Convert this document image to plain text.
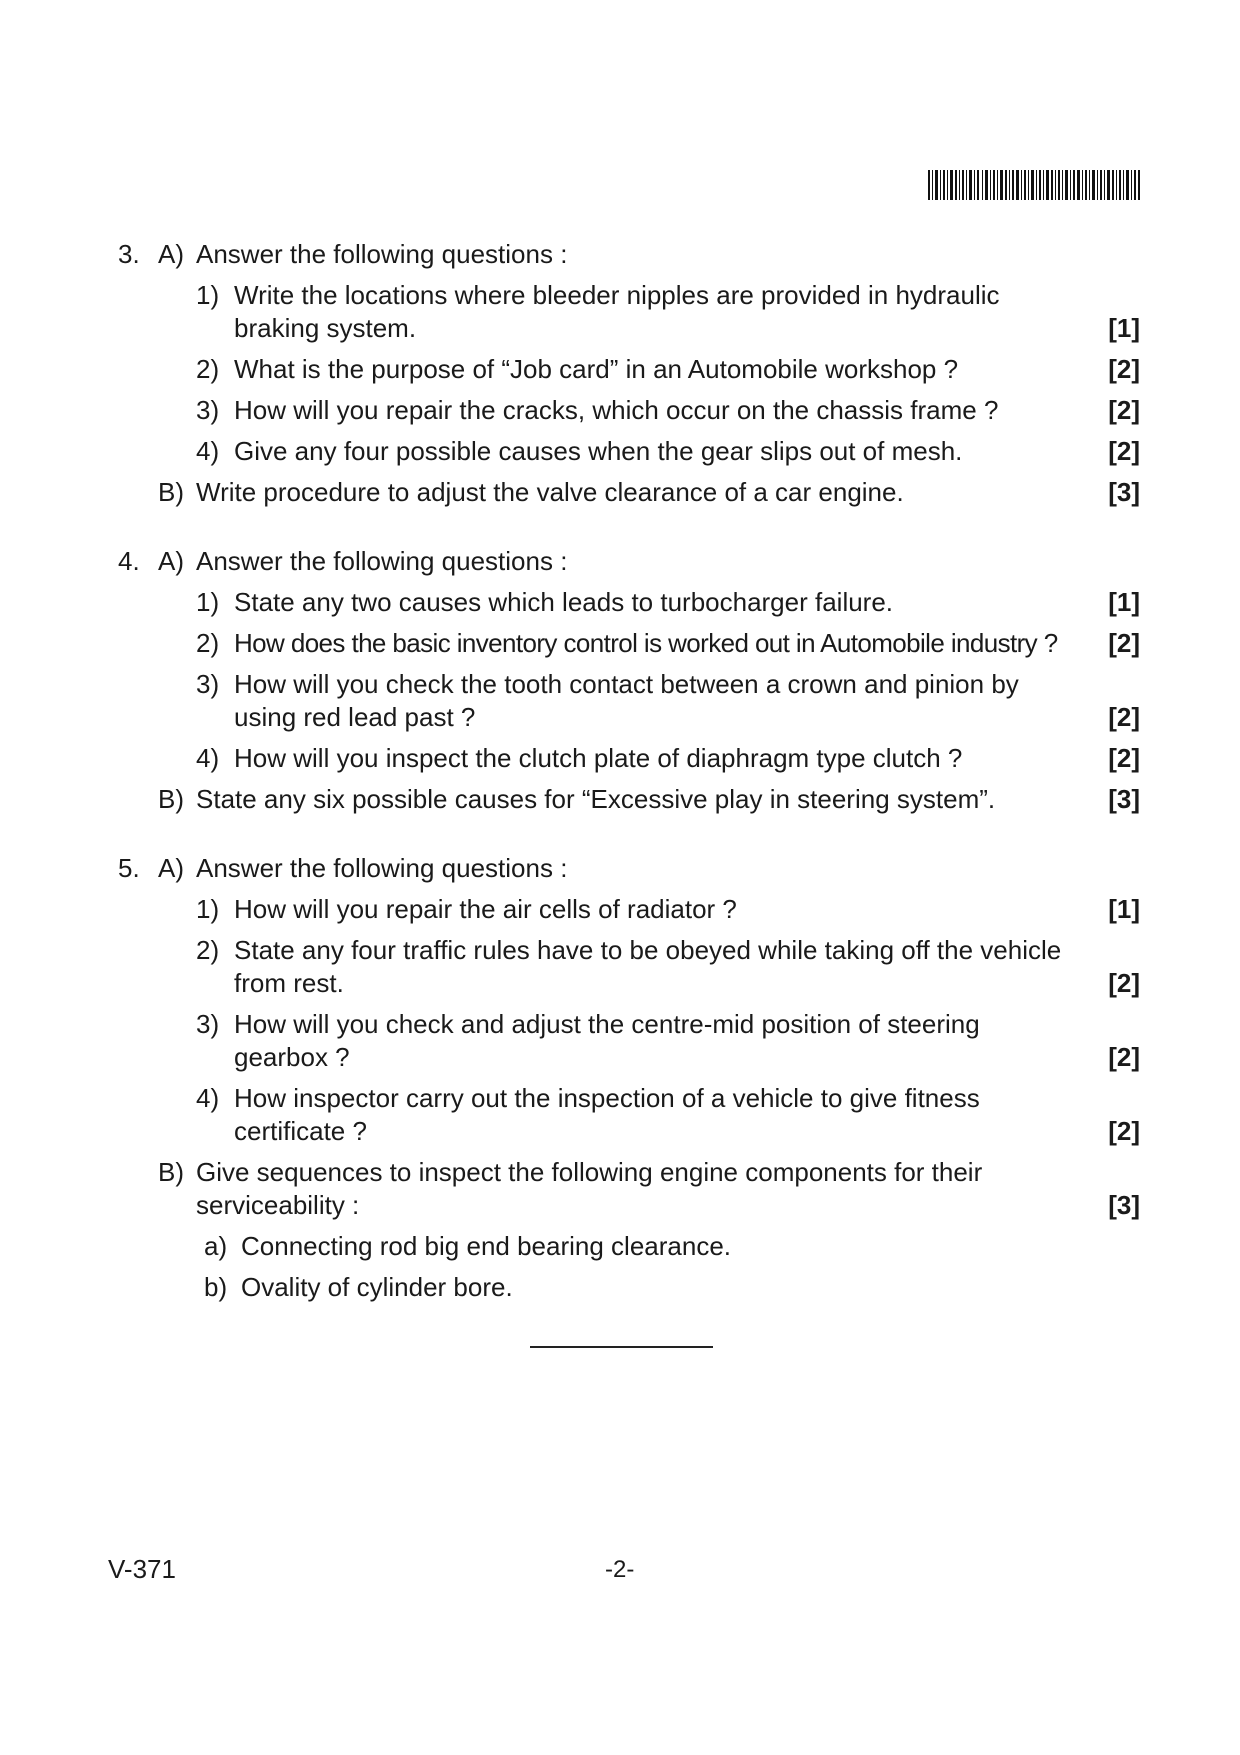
3. A) Answer the following questions :
1) Write the locations where bleeder nipples are provided in hydraulic braking system.	[1]
2) What is the purpose of “Job card” in an Automobile workshop ?	[2]
3) How will you repair the cracks, which occur on the chassis frame ?	[2]
4) Give any four possible causes when the gear slips out of mesh.	[2]
B) Write procedure to adjust the valve clearance of a car engine.	[3]
4. A) Answer the following questions :
1) State any two causes which leads to turbocharger failure.	[1]
2) How does the basic inventory control is worked out in Automobile industry ?	[2]
3) How will you check the tooth contact between a crown and pinion by using red lead past ?	[2]
4) How will you inspect the clutch plate of diaphragm type clutch ?	[2]
B) State any six possible causes for “Excessive play in steering system”.	[3]
5. A) Answer the following questions :
1) How will you repair the air cells of radiator ?	[1]
2) State any four traffic rules have to be obeyed while taking off the vehicle from rest.	[2]
3) How will you check and adjust the centre-mid position of steering gearbox ?	[2]
4) How inspector carry out the inspection of a vehicle to give fitness certificate ?	[2]
B) Give sequences to inspect the following engine components for their serviceability :	[3]
a) Connecting rod big end bearing clearance.
b) Ovality of cylinder bore.
V-371	-2-
